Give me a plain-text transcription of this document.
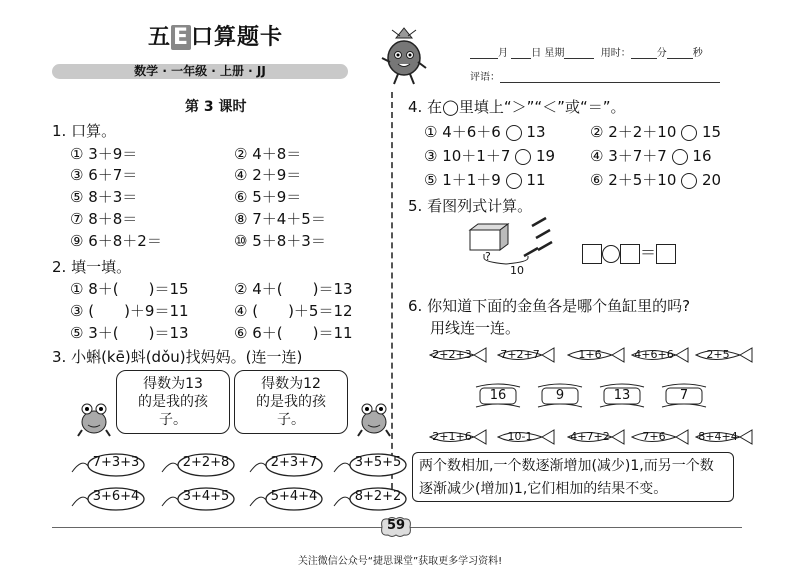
五E口算题卡
数学 · 一年级 · 上册 · JJ
月 日 星期	用时：	分	秒
评语：
第 3 课时
1. 口算。
① 3＋9＝	② 4＋8＝
③ 6＋7＝	④ 2＋9＝
⑤ 8＋3＝	⑥ 5＋9＝
⑦ 8＋8＝	⑧ 7＋4＋5＝
⑨ 6＋8＋2＝	⑩ 5＋8＋3＝
2. 填一填。
① 8＋(　　)＝15	② 4＋(　　)＝13
③ (　　)＋9＝11	④ (　　)＋5＝12
⑤ 3＋(　　)＝13	⑥ 6＋(　　)＝11
3. 小蝌(kē)蚪(dǒu)找妈妈。(连一连)
得数为13
的是我的孩子。
得数为12
的是我的孩子。
7+3+3	2+2+8	2+3+7	3+5+5
3+6+4	3+4+5	5+4+4	8+2+2
4. 在◯里填上“＞”“＜”或“＝”。
① 4＋6＋6 13	② 2＋2＋10 15
③ 10＋1＋7 19 ④ 3＋7＋7 16
⑤ 1＋1＋9 11	⑥ 2＋5＋10 20
5. 看图列式计算。
?
10
＝
6. 你知道下面的金鱼各是哪个鱼缸里的吗?
用线连一连。
2+2+3	7+2+7	1+6	4+6+6	2+5
16	9	13	7
2+1+6	10-1	4+7+2	7+6	8+4+4
两个数相加,一个数逐渐增加(减少)1,而另一个数逐渐减少(增加)1,它们相加的结果不变。
59
关注微信公众号“捷思课堂”获取更多学习资料!
